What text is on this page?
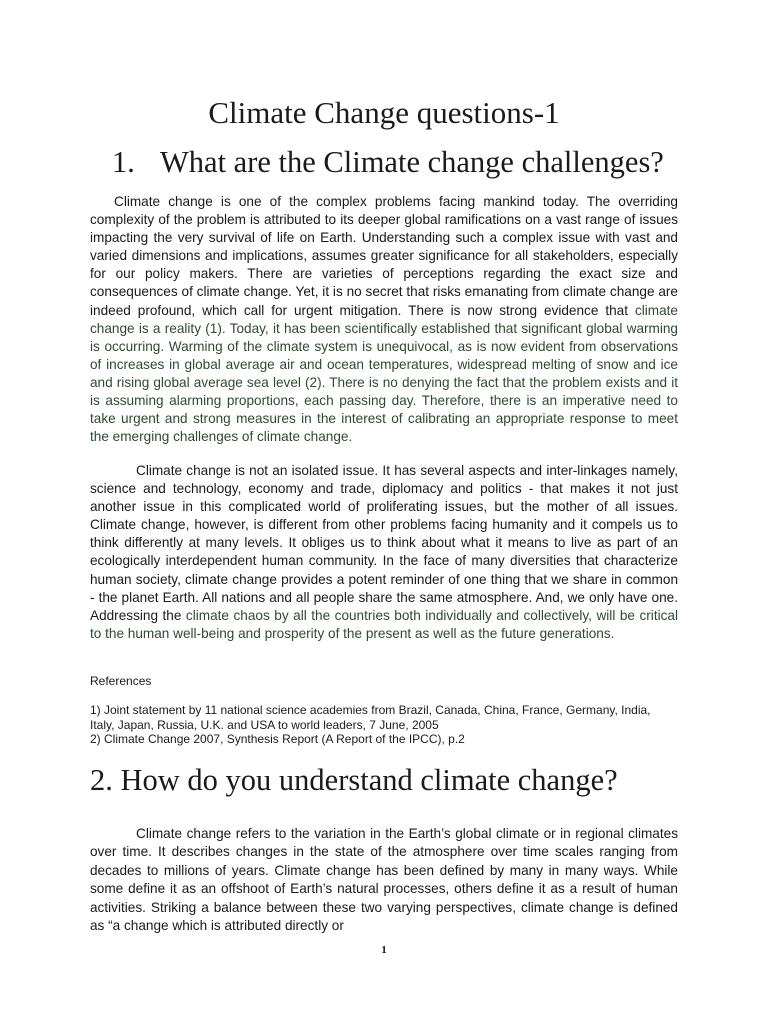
Climate Change questions-1
1. What are the Climate change challenges?

Climate change is one of the complex problems facing mankind today. The overriding complexity of the problem is attributed to its deeper global ramifications on a vast range of issues impacting the very survival of life on Earth. Understanding such a complex issue with vast and varied dimensions and implications, assumes greater significance for all stakeholders, especially for our policy makers. There are varieties of perceptions regarding the exact size and consequences of climate change. Yet, it is no secret that risks emanating from climate change are indeed profound, which call for urgent mitigation. There is now strong evidence that climate change is a reality (1). Today, it has been scientifically established that significant global warming is occurring. Warming of the climate system is unequivocal, as is now evident from observations of increases in global average air and ocean temperatures, widespread melting of snow and ice and rising global average sea level (2). There is no denying the fact that the problem exists and it is assuming alarming proportions, each passing day. Therefore, there is an imperative need to take urgent and strong measures in the interest of calibrating an appropriate response to meet the emerging challenges of climate change.

Climate change is not an isolated issue. It has several aspects and inter-linkages namely, science and technology, economy and trade, diplomacy and politics - that makes it not just another issue in this complicated world of proliferating issues, but the mother of all issues. Climate change, however, is different from other problems facing humanity and it compels us to think differently at many levels. It obliges us to think about what it means to live as part of an ecologically interdependent human community. In the face of many diversities that characterize human society, climate change provides a potent reminder of one thing that we share in common - the planet Earth. All nations and all people share the same atmosphere. And, we only have one. Addressing the climate chaos by all the countries both individually and collectively, will be critical to the human well-being and prosperity of the present as well as the future generations.

References

1) Joint statement by 11 national science academies from Brazil, Canada, China, France, Germany, India, Italy, Japan, Russia, U.K. and USA to world leaders, 7 June, 2005
2) Climate Change 2007, Synthesis Report (A Report of the IPCC), p.2
2. How do you understand climate change?

Climate change refers to the variation in the Earth’s global climate or in regional climates over time. It describes changes in the state of the atmosphere over time scales ranging from decades to millions of years. Climate change has been defined by many in many ways. While some define it as an offshoot of Earth’s natural processes, others define it as a result of human activities. Striking a balance between these two varying perspectives, climate change is defined as “a change which is attributed directly or

1
